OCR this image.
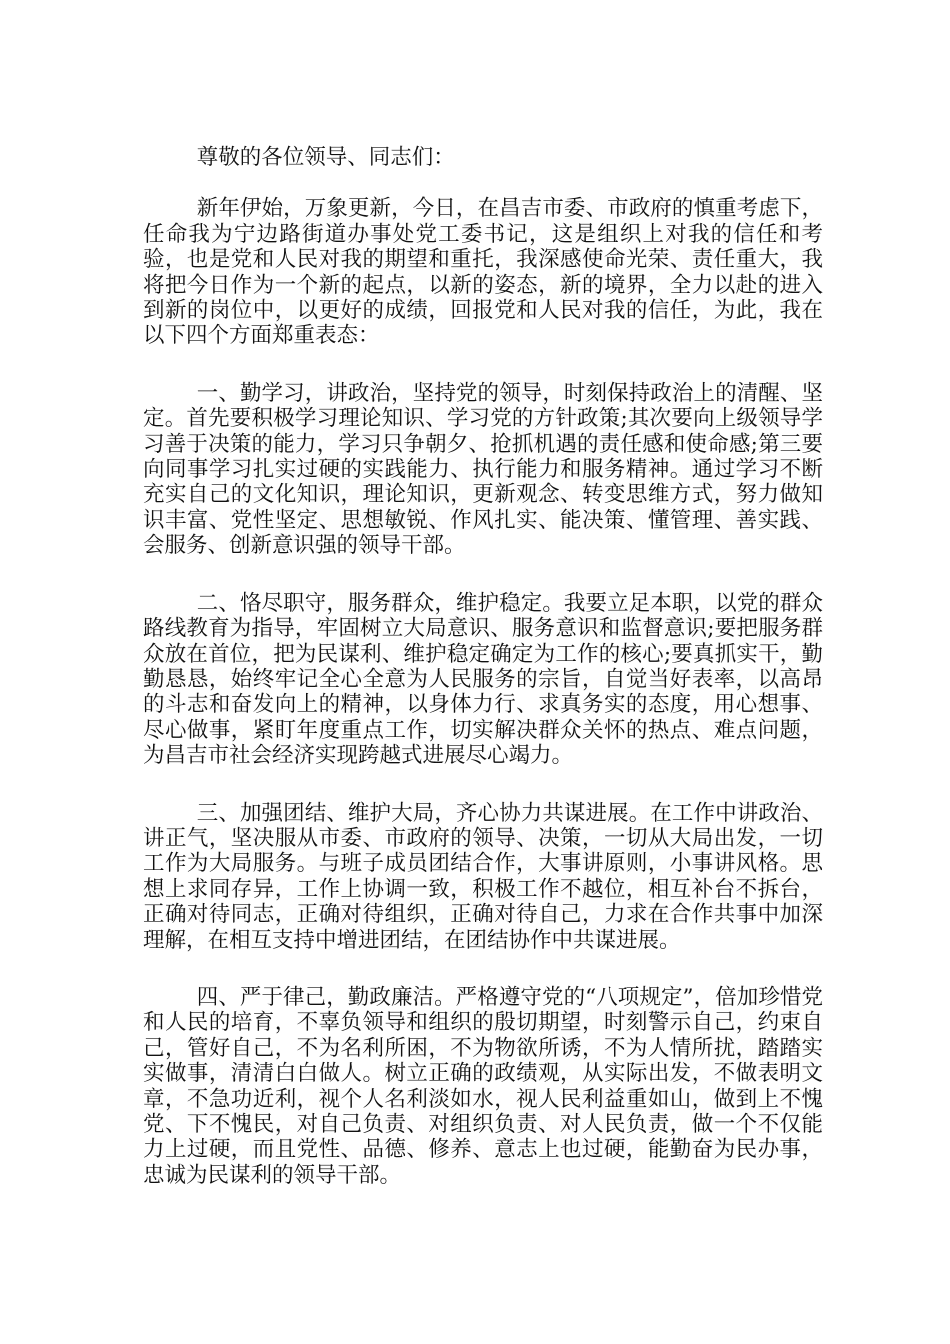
尊敬的各位领导、同志们：

新年伊始，万象更新，今日，在昌吉市委、市政府的慎重考虑下，任命我为宁边路街道办事处党工委书记，这是组织上对我的信任和考验，也是党和人民对我的期望和重托，我深感使命光荣、责任重大，我将把今日作为一个新的起点，以新的姿态，新的境界，全力以赴的进入到新的岗位中，以更好的成绩，回报党和人民对我的信任，为此，我在以下四个方面郑重表态：

一、勤学习，讲政治，坚持党的领导，时刻保持政治上的清醒、坚定。首先要积极学习理论知识、学习党的方针政策;其次要向上级领导学习善于决策的能力，学习只争朝夕、抢抓机遇的责任感和使命感;第三要向同事学习扎实过硬的实践能力、执行能力和服务精神。通过学习不断充实自己的文化知识，理论知识，更新观念、转变思维方式，努力做知识丰富、党性坚定、思想敏锐、作风扎实、能决策、懂管理、善实践、会服务、创新意识强的领导干部。

二、恪尽职守，服务群众，维护稳定。我要立足本职，以党的群众路线教育为指导，牢固树立大局意识、服务意识和监督意识;要把服务群众放在首位，把为民谋利、维护稳定确定为工作的核心;要真抓实干，勤勤恳恳，始终牢记全心全意为人民服务的宗旨，自觉当好表率，以高昂的斗志和奋发向上的精神，以身体力行、求真务实的态度，用心想事、尽心做事，紧盯年度重点工作，切实解决群众关怀的热点、难点问题，为昌吉市社会经济实现跨越式进展尽心竭力。

三、加强团结、维护大局，齐心协力共谋进展。在工作中讲政治、讲正气，坚决服从市委、市政府的领导、决策，一切从大局出发，一切工作为大局服务。与班子成员团结合作，大事讲原则，小事讲风格。思想上求同存异，工作上协调一致，积极工作不越位，相互补台不拆台，正确对待同志，正确对待组织，正确对待自己，力求在合作共事中加深理解，在相互支持中增进团结，在团结协作中共谋进展。

四、严于律己，勤政廉洁。严格遵守党的“八项规定”，倍加珍惜党和人民的培育，不辜负领导和组织的殷切期望，时刻警示自己，约束自己，管好自己，不为名利所困，不为物欲所诱，不为人情所扰，踏踏实实做事，清清白白做人。树立正确的政绩观，从实际出发，不做表明文章，不急功近利，视个人名利淡如水，视人民利益重如山，做到上不愧党、下不愧民，对自己负责、对组织负责、对人民负责，做一个不仅能力上过硬，而且党性、品德、修养、意志上也过硬，能勤奋为民办事，忠诚为民谋利的领导干部。
